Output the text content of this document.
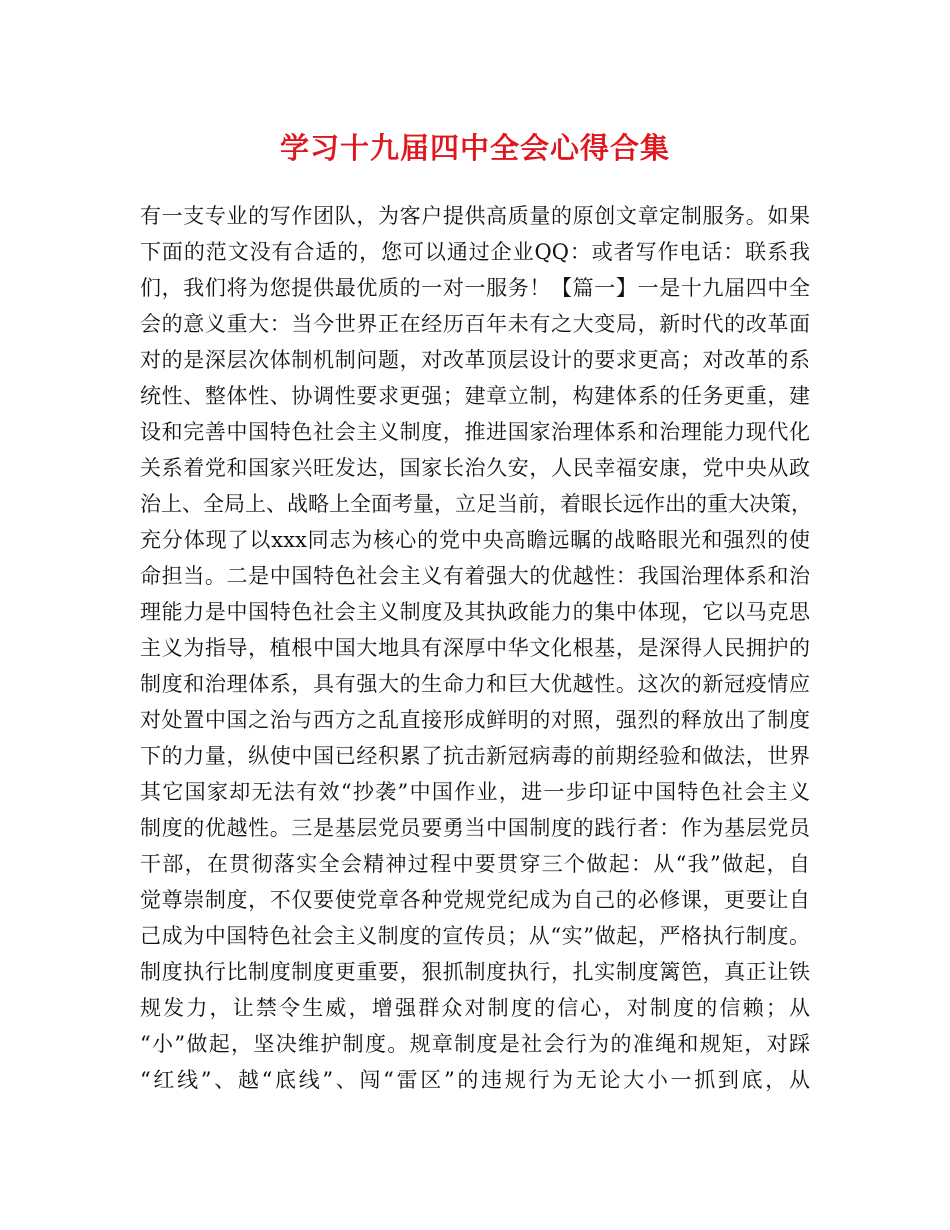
学习十九届四中全会心得合集
有一支专业的写作团队，为客户提供高质量的原创文章定制服务。如果
下面的范文没有合适的，您可以通过企业QQ：或者写作电话：联系我
们，我们将为您提供最优质的一对一服务！【篇一】一是十九届四中全
会的意义重大：当今世界正在经历百年未有之大变局，新时代的改革面
对的是深层次体制机制问题，对改革顶层设计的要求更高；对改革的系
统性、整体性、协调性要求更强；建章立制，构建体系的任务更重，建
设和完善中国特色社会主义制度，推进国家治理体系和治理能力现代化
关系着党和国家兴旺发达，国家长治久安，人民幸福安康，党中央从政
治上、全局上、战略上全面考量，立足当前，着眼长远作出的重大决策，
充分体现了以xxx同志为核心的党中央高瞻远瞩的战略眼光和强烈的使
命担当。二是中国特色社会主义有着强大的优越性：我国治理体系和治
理能力是中国特色社会主义制度及其执政能力的集中体现，它以马克思
主义为指导，植根中国大地具有深厚中华文化根基，是深得人民拥护的
制度和治理体系，具有强大的生命力和巨大优越性。这次的新冠疫情应
对处置中国之治与西方之乱直接形成鲜明的对照，强烈的释放出了制度
下的力量，纵使中国已经积累了抗击新冠病毒的前期经验和做法，世界
其它国家却无法有效“抄袭”中国作业，进一步印证中国特色社会主义
制度的优越性。三是基层党员要勇当中国制度的践行者：作为基层党员
干部，在贯彻落实全会精神过程中要贯穿三个做起：从“我”做起，自
觉尊崇制度，不仅要使党章各种党规党纪成为自己的必修课，更要让自
己成为中国特色社会主义制度的宣传员；从“实”做起，严格执行制度。
制度执行比制度制度更重要，狠抓制度执行，扎实制度篱笆，真正让铁
规发力，让禁令生威，增强群众对制度的信心，对制度的信赖；从
“小”做起，坚决维护制度。规章制度是社会行为的准绳和规矩，对踩
“红线”、越“底线”、闯“雷区”的违规行为无论大小一抓到底，从
